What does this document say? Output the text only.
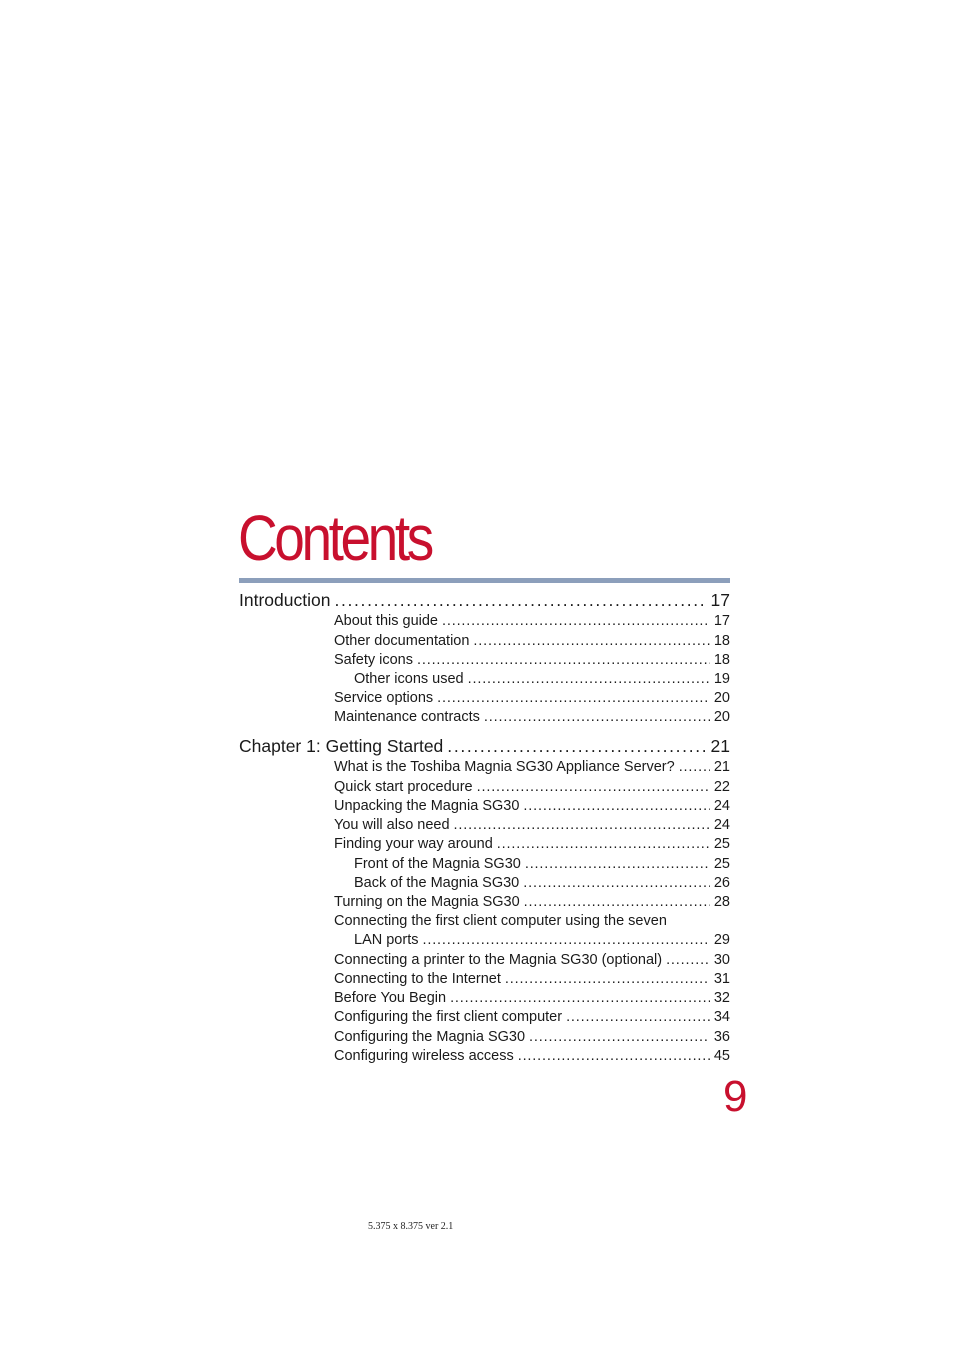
Contents
Introduction . . .	17
About this guide . . .	17
Other documentation . . .	18
Safety icons . . .	18
Other icons used . . .	19
Service options . . .	20
Maintenance contracts . . .	20
Chapter 1: Getting Started . . .	21
What is the Toshiba Magnia SG30 Appliance Server? . . .	21
Quick start procedure . . .	22
Unpacking the Magnia SG30 . . .	24
You will also need . . .	24
Finding your way around . . .	25
Front of the Magnia SG30 . . .	25
Back of the Magnia SG30 . . .	26
Turning on the Magnia SG30 . . .	28
Connecting the first client computer using the seven
LAN ports . . .	29
Connecting a printer to the Magnia SG30 (optional) . . .	30
Connecting to the Internet . . .	31
Before You Begin . . .	32
Configuring the first client computer . . .	34
Configuring the Magnia SG30 . . .	36
Configuring wireless access . . .	45
9
5.375 x 8.375 ver 2.1
